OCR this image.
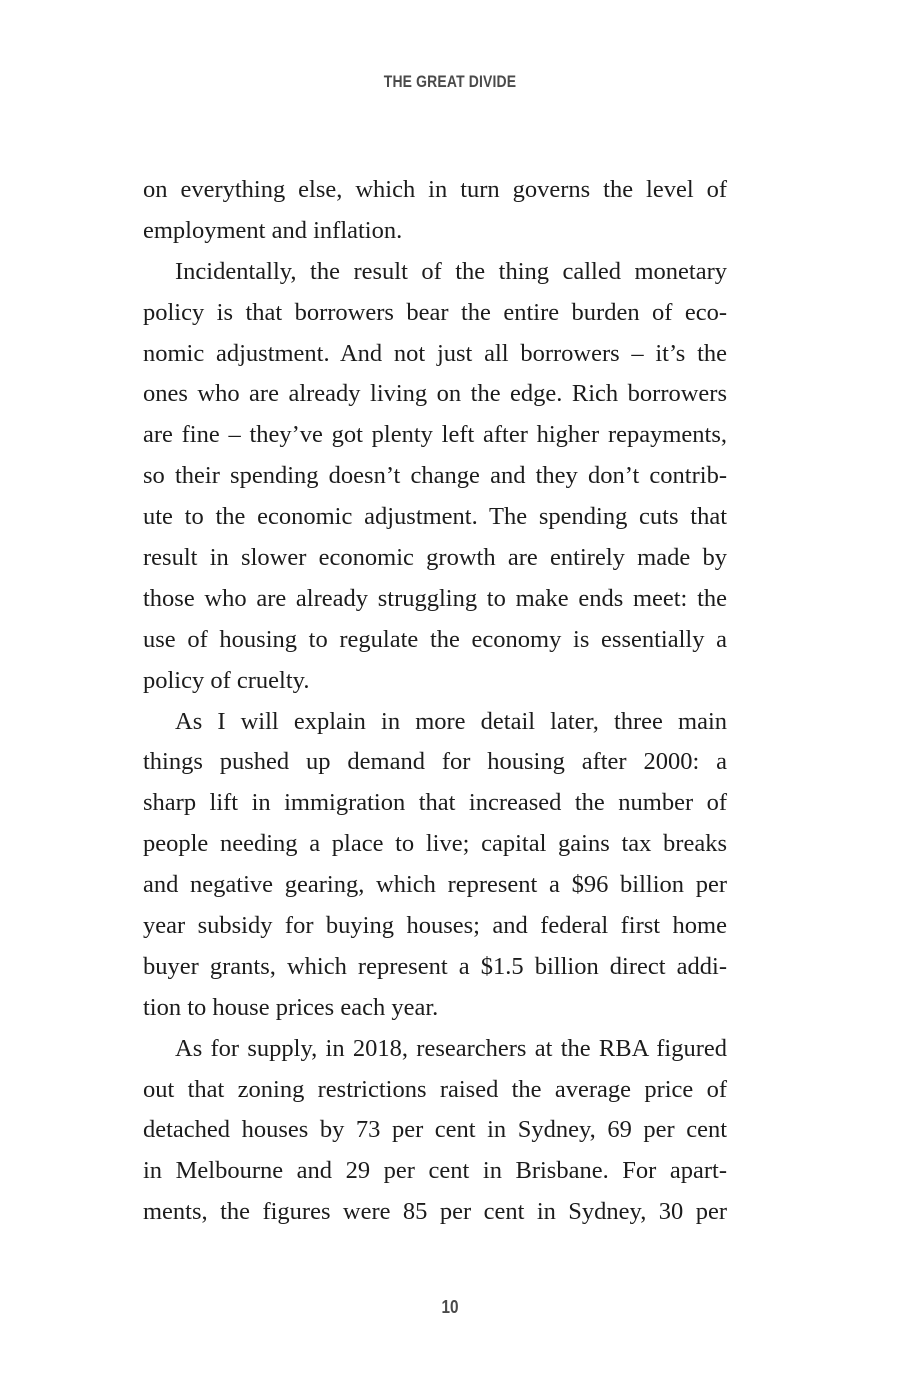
THE GREAT DIVIDE
on everything else, which in turn governs the level of
employment and inflation.
Incidentally, the result of the thing called monetary
policy is that borrowers bear the entire burden of eco-
nomic adjustment. And not just all borrowers – it’s the
ones who are already living on the edge. Rich borrowers
are fine – they’ve got plenty left after higher repayments,
so their spending doesn’t change and they don’t contrib-
ute to the economic adjustment. The spending cuts that
result in slower economic growth are entirely made by
those who are already struggling to make ends meet: the
use of housing to regulate the economy is essentially a
policy of cruelty.
As I will explain in more detail later, three main
things pushed up demand for housing after 2000: a
sharp lift in immigration that increased the number of
people needing a place to live; capital gains tax breaks
and negative gearing, which represent a $96 billion per
year subsidy for buying houses; and federal first home
buyer grants, which represent a $1.5 billion direct addi-
tion to house prices each year.
As for supply, in 2018, researchers at the RBA figured
out that zoning restrictions raised the average price of
detached houses by 73 per cent in Sydney, 69 per cent
in Melbourne and 29 per cent in Brisbane. For apart-
ments, the figures were 85 per cent in Sydney, 30 per
10
